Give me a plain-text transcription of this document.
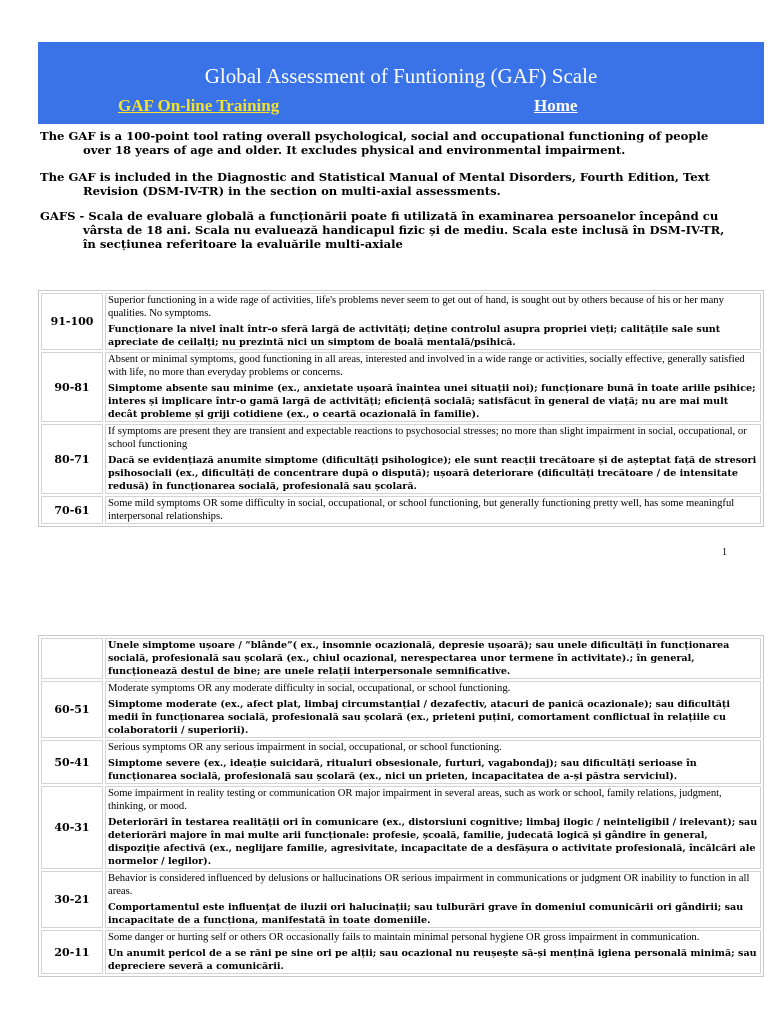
Global Assessment of Funtioning (GAF) Scale
GAF On-line Training	Home

The GAF is a 100-point tool rating overall psychological, social and occupational functioning of people over 18 years of age and older. It excludes physical and environmental impairment.

The GAF is included in the Diagnostic and Statistical Manual of Mental Disorders, Fourth Edition, Text Revision (DSM-IV-TR) in the section on multi-axial assessments.

GAFS - Scala de evaluare globală a funcționării poate fi utilizată în examinarea persoanelor începând cu vârsta de 18 ani. Scala nu evaluează handicapul fizic și de mediu. Scala este inclusă în DSM-IV-TR, în secțiunea referitoare la evaluările multi-axiale

91-100	Superior functioning in a wide rage of activities, life's problems never seem to get out of hand, is sought out by others because of his or her many qualities. No symptoms.

Funcționare la nivel înalt într-o sferă largă de activități; deține controlul asupra propriei vieți; calitățile sale sunt apreciate de ceilalți; nu prezintă nici un simptom de boală mentală/psihică.

90-81	Absent or minimal symptoms, good functioning in all areas, interested and involved in a wide range or activities, socially effective, generally satisfied with life, no more than everyday problems or concerns.

Simptome absente sau minime (ex., anxietate ușoară înaintea unei situații noi); funcționare bună în toate ariile psihice; interes și implicare într-o gamă largă de activități; eficiență socială; satisfăcut în general de viață; nu are mai mult decât probleme și griji cotidiene (ex., o ceartă ocazională în familie).

80-71	If symptoms are present they are transient and expectable reactions to psychosocial stresses; no more than slight impairment in social, occupational, or school functioning

Dacă se evidențiază anumite simptome (dificultăți psihologice); ele sunt reacții trecătoare și de așteptat față de stresori psihosociali (ex., dificultăți de concentrare după o dispută); ușoară deteriorare (dificultăți trecătoare / de intensitate redusă) în funcționarea socială, profesională sau școlară.

70-61	Some mild symptoms OR some difficulty in social, occupational, or school functioning, but generally functioning pretty well, has some meaningful interpersonal relationships.

1

	Unele simptome ușoare / “blânde”( ex., insomnie ocazională, depresie ușoară); sau unele dificultăți în funcționarea socială, profesională sau școlară (ex., chiul ocazional, nerespectarea unor termene în activitate).; în general, funcționează destul de bine; are unele relații interpersonale semnificative.

60-51	Moderate symptoms OR any moderate difficulty in social, occupational, or school functioning.

Simptome moderate (ex., afect plat, limbaj circumstanțial / dezafectiv, atacuri de panică ocazionale); sau dificultăți medii în funcționarea socială, profesională sau școlară (ex., prieteni puțini, comortament conflictual în relațiile cu colaboratorii / superiorii).

50-41	Serious symptoms OR any serious impairment in social, occupational, or school functioning.

Simptome severe (ex., ideație suicidară, ritualuri obsesionale, furturi, vagabondaj); sau dificultăți serioase în funcționarea socială, profesională sau școlară (ex., nici un prieten, incapacitatea de a-și păstra serviciul).

40-31	Some impairment in reality testing or communication OR major impairment in several areas, such as work or school, family relations, judgment, thinking, or mood.

Deteriorări în testarea realității ori în comunicare (ex., distorsiuni cognitive; limbaj ilogic / neinteligibil / irelevant); sau deteriorări majore în mai multe arii funcționale: profesie, școală, familie, judecată logică și gândire în general, dispoziție afectivă (ex., neglijare familie, agresivitate, incapacitate de a desfășura o activitate profesională, încălcări ale normelor / legilor).

30-21	Behavior is considered influenced by delusions or hallucinations OR serious impairment in communications or judgment OR inability to function in all areas.

Comportamentul este influențat de iluzii ori halucinații; sau tulburări grave în domeniul comunicării ori gândirii; sau incapacitate de a funcționa, manifestată în toate domeniile.

20-11	Some danger or hurting self or others OR occasionally fails to maintain minimal personal hygiene OR gross impairment in communication.

Un anumit pericol de a se răni pe sine ori pe alții; sau ocazional nu reușește să-și mențină igiena personală minimă; sau depreciere severă a comunicării.
